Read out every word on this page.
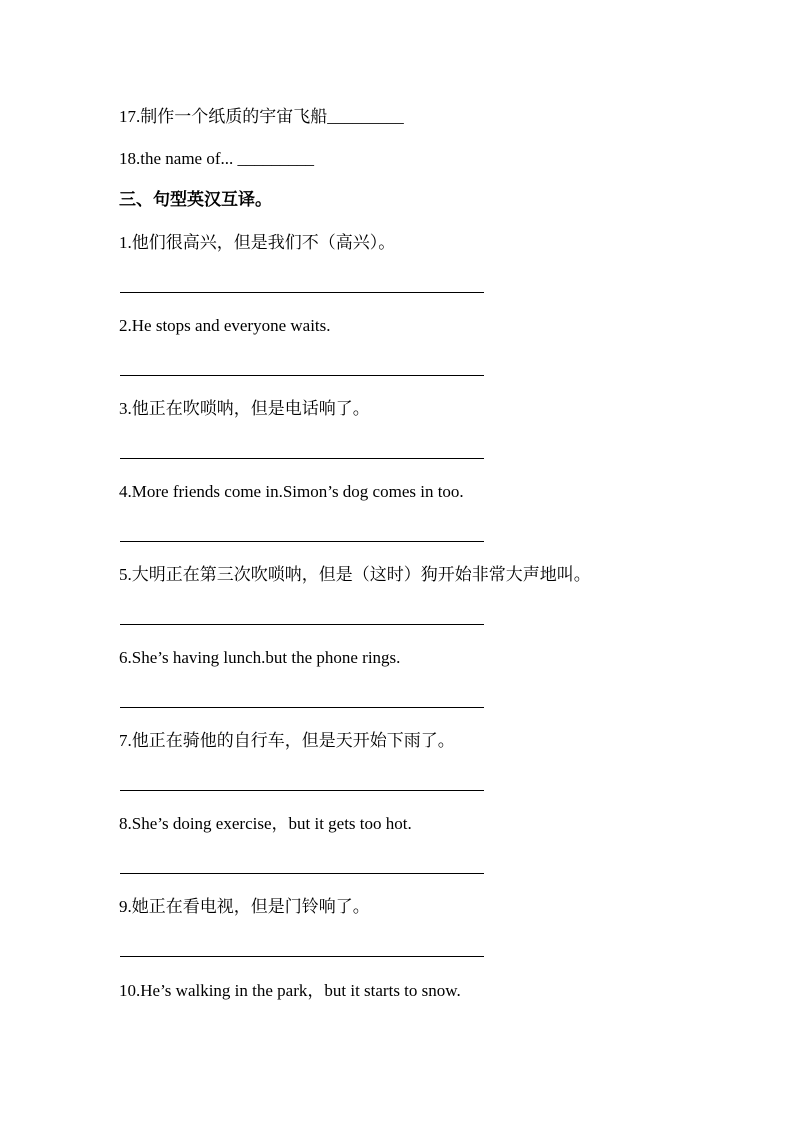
17.制作一个纸质的宇宙飞船_________
18.the name of... _________
三、句型英汉互译。
1.他们很高兴，但是我们不（高兴）。
2.He stops and everyone waits.
3.他正在吹唢呐，但是电话响了。
4.More friends come in.Simon’s dog comes in too.
5.大明正在第三次吹唢呐，但是（这时）狗开始非常大声地叫。
6.She’s having lunch.but the phone rings.
7.他正在骑他的自行车，但是天开始下雨了。
8.She’s doing exercise，but it gets too hot.
9.她正在看电视，但是门铃响了。
10.He’s walking in the park，but it starts to snow.
